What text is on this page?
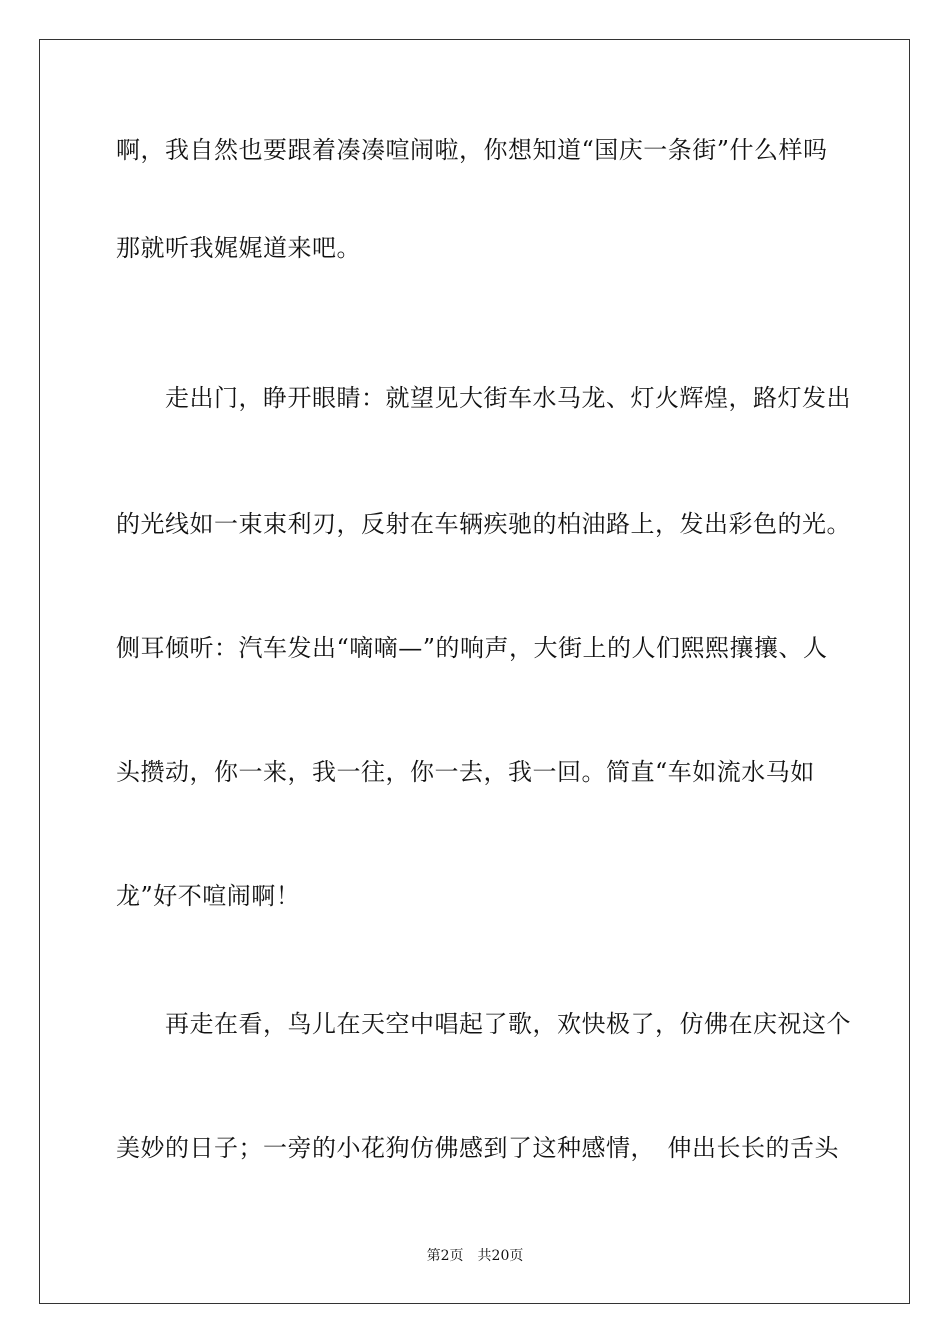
啊，我自然也要跟着凑凑喧闹啦，你想知道“国庆一条街”什么样吗
那就听我娓娓道来吧。
　　走出门，睁开眼睛：就望见大街车水马龙、灯火辉煌，路灯发出
的光线如一束束利刃，反射在车辆疾驰的柏油路上，发出彩色的光。
侧耳倾听：汽车发出“嘀嘀—”的响声，大街上的人们熙熙攘攘、人
头攒动，你一来，我一往，你一去，我一回。简直“车如流水马如
龙”好不喧闹啊！
　　再走在看，鸟儿在天空中唱起了歌，欢快极了，仿佛在庆祝这个
美妙的日子；一旁的小花狗仿佛感到了这种感情，　伸出长长的舌头
第2页　共20页
